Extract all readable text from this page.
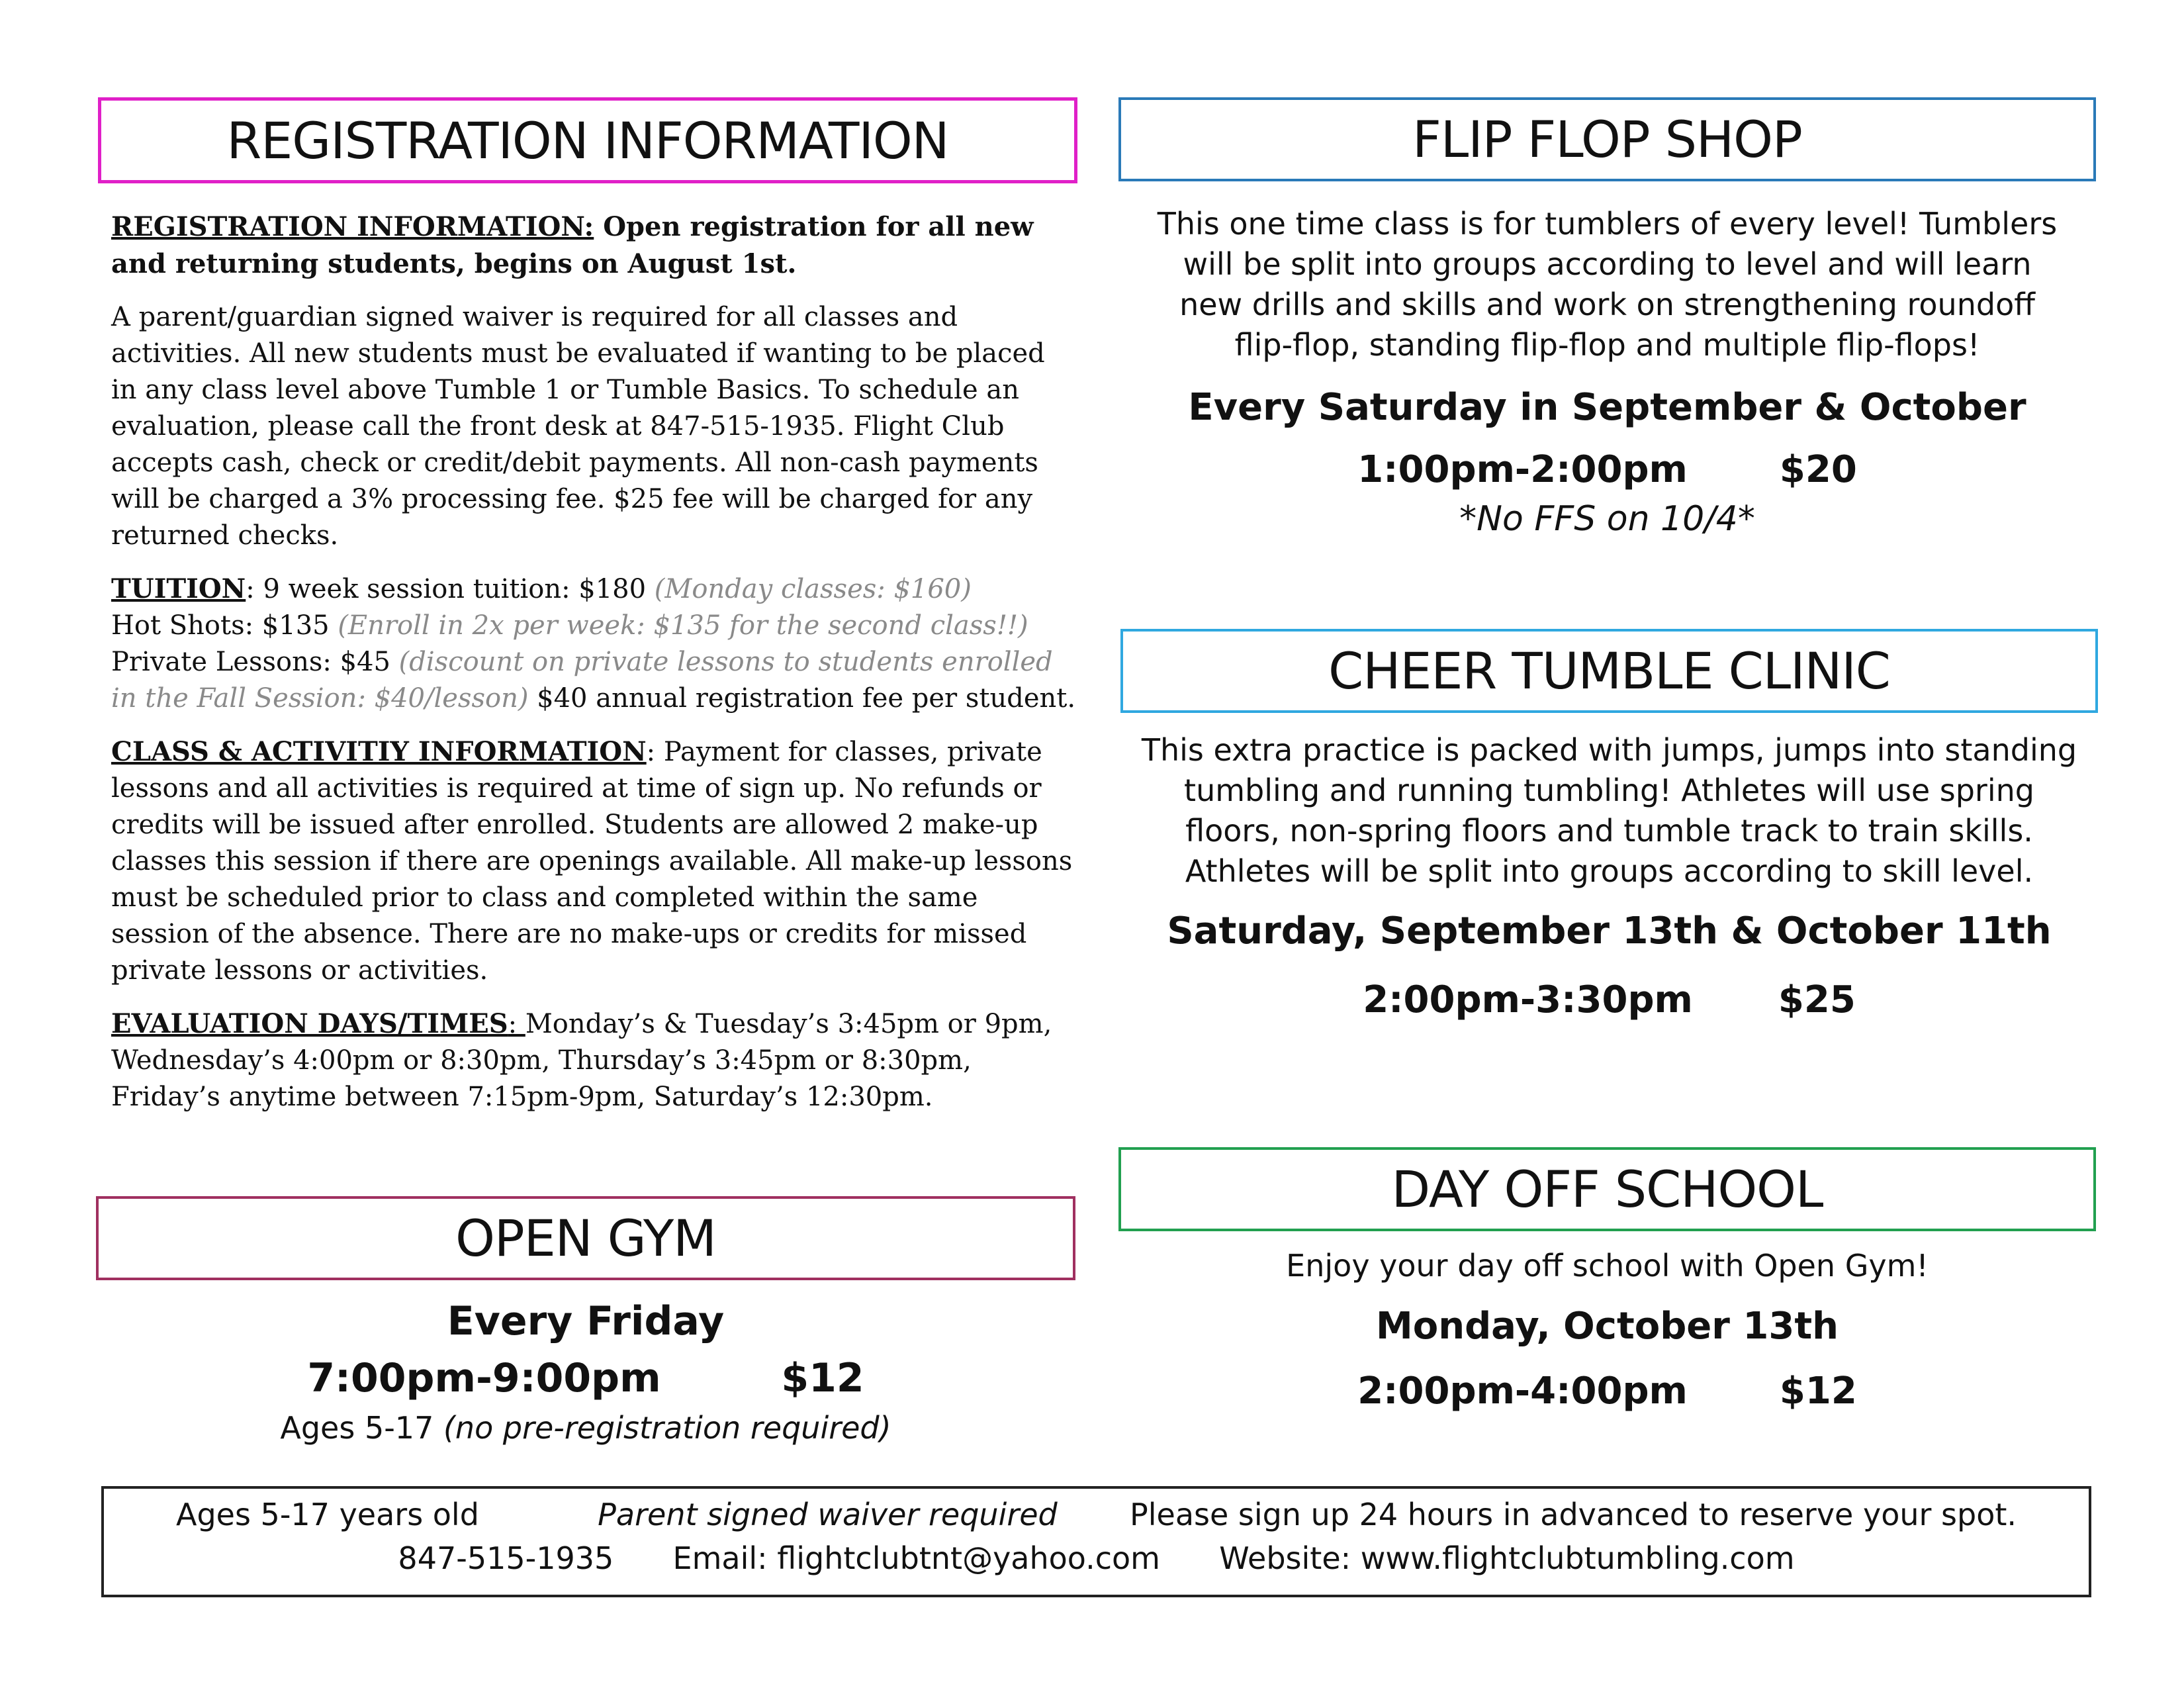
REGISTRATION INFORMATION

REGISTRATION INFORMATION: Open registration for all new and returning students, begins on August 1st.

A parent/guardian signed waiver is required for all classes and activities. All new students must be evaluated if wanting to be placed in any class level above Tumble 1 or Tumble Basics. To schedule an evaluation, please call the front desk at 847-515-1935. Flight Club accepts cash, check or credit/debit payments. All non-cash payments will be charged a 3% processing fee. $25 fee will be charged for any returned checks.

TUITION: 9 week session tuition: $180 (Monday classes: $160)
Hot Shots: $135 (Enroll in 2x per week: $135 for the second class!!)
Private Lessons: $45 (discount on private lessons to students enrolled in the Fall Session: $40/lesson) $40 annual registration fee per student.

CLASS & ACTIVITIY INFORMATION: Payment for classes, private lessons and all activities is required at time of sign up. No refunds or credits will be issued after enrolled. Students are allowed 2 make-up classes this session if there are openings available. All make-up lessons must be scheduled prior to class and completed within the same session of the absence. There are no make-ups or credits for missed private lessons or activities.

EVALUATION DAYS/TIMES: Monday’s & Tuesday’s 3:45pm or 9pm, Wednesday’s 4:00pm or 8:30pm, Thursday’s 3:45pm or 8:30pm, Friday’s anytime between 7:15pm-9pm, Saturday’s 12:30pm.

OPEN GYM
Every Friday
7:00pm-9:00pm	$12
Ages 5-17 (no pre-registration required)
FLIP FLOP SHOP
This one time class is for tumblers of every level! Tumblers will be split into groups according to level and will learn new drills and skills and work on strengthening roundoff flip-flop, standing flip-flop and multiple flip-flops!
Every Saturday in September & October
1:00pm-2:00pm $20
*No FFS on 10/4*
CHEER TUMBLE CLINIC
This extra practice is packed with jumps, jumps into standing tumbling and running tumbling! Athletes will use spring floors, non-spring floors and tumble track to train skills. Athletes will be split into groups according to skill level.
Saturday, September 13th & October 11th
2:00pm-3:30pm $25
DAY OFF SCHOOL
Enjoy your day off school with Open Gym!
Monday, October 13th
2:00pm-4:00pm $12
Ages 5-17 years old	Parent signed waiver required Please sign up 24 hours in advanced to reserve your spot.
847-515-1935 Email: flightclubtnt@yahoo.com Website: www.flightclubtumbling.com
